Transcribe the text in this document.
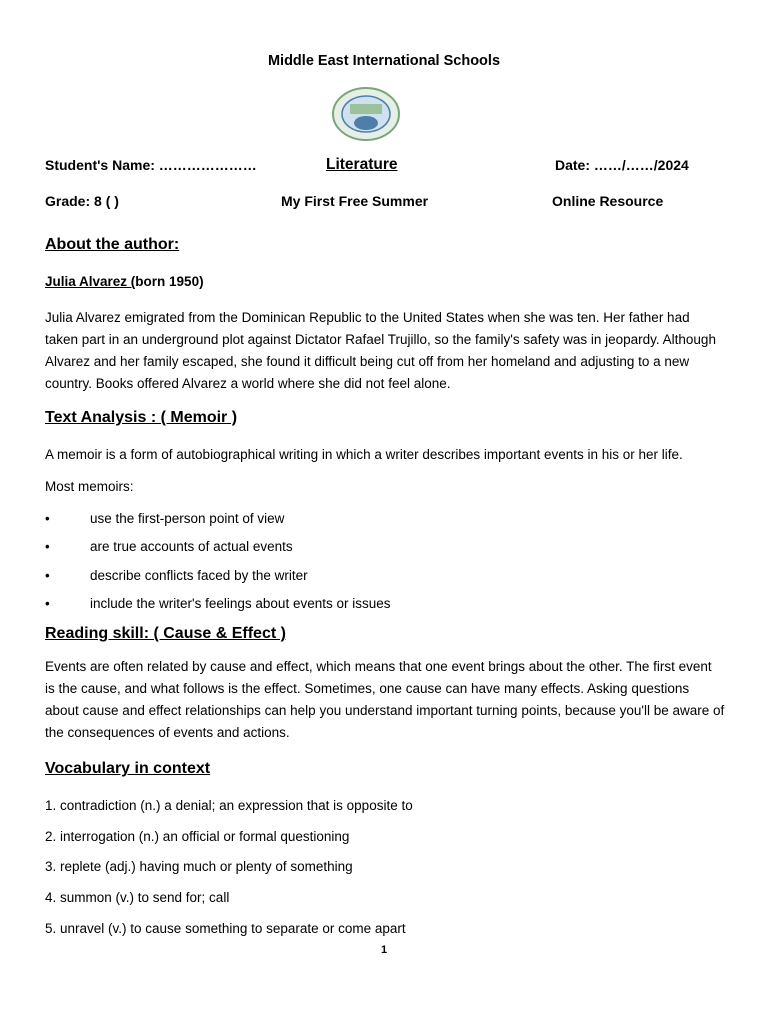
Middle East International Schools
Student's Name: …………………	Literature	Date: ……/……/2024
Grade: 8 ( )	My First Free Summer	Online Resource
About the author:
Julia Alvarez (born 1950)
Julia Alvarez emigrated from the Dominican Republic to the United States when she was ten. Her father had taken part in an underground plot against Dictator Rafael Trujillo, so the family's safety was in jeopardy. Although Alvarez and her family escaped, she found it difficult being cut off from her homeland and adjusting to a new country. Books offered Alvarez a world where she did not feel alone.
Text Analysis : ( Memoir )
A memoir is a form of autobiographical writing in which a writer describes important events in his or her life.
Most memoirs:
•	use the first-person point of view
•	are true accounts of actual events
•	describe conflicts faced by the writer
•	include the writer's feelings about events or issues
Reading skill: ( Cause & Effect )
Events are often related by cause and effect, which means that one event brings about the other. The first event is the cause, and what follows is the effect. Sometimes, one cause can have many effects. Asking questions about cause and effect relationships can help you understand important turning points, because you'll be aware of the consequences of events and actions.
Vocabulary in context
1. contradiction (n.) a denial; an expression that is opposite to
2. interrogation (n.) an official or formal questioning
3. replete (adj.) having much or plenty of something
4. summon (v.) to send for; call
5. unravel (v.) to cause something to separate or come apart
1
